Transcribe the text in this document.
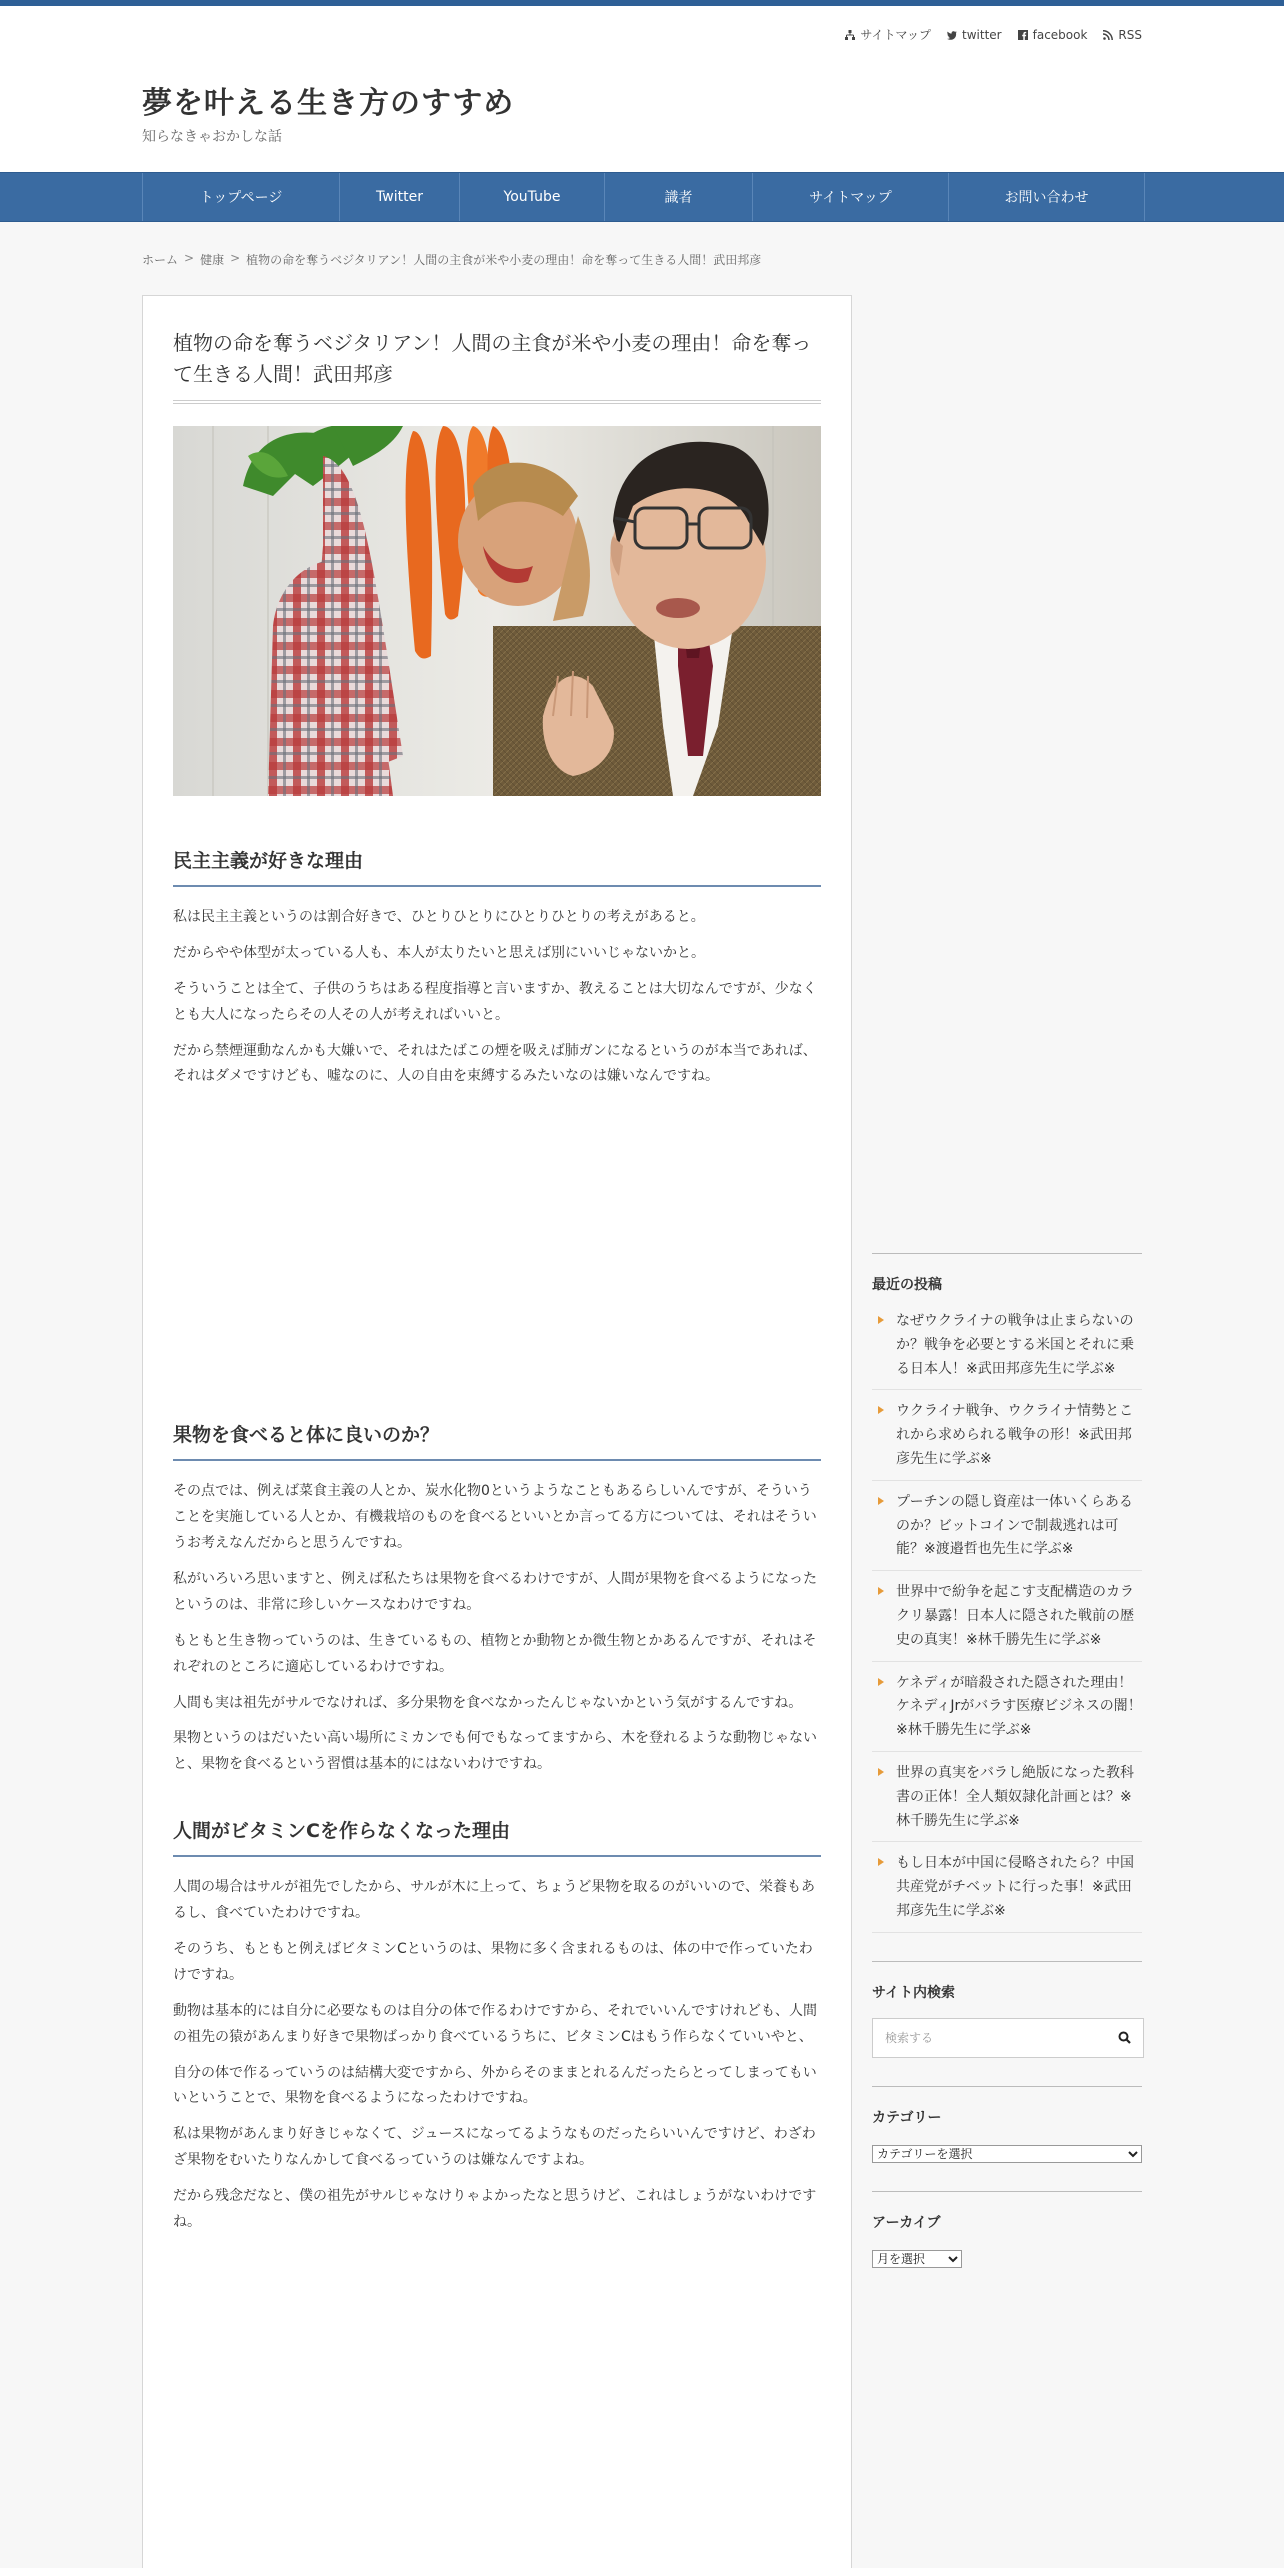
サイトマップ	twitter	facebook	RSS
夢を叶える生き方のすすめ
知らなきゃおかしな話
トップページ	Twitter	YouTube	識者	サイトマップ	お問い合わせ
ホーム > 健康 > 植物の命を奪うベジタリアン！人間の主食が米や小麦の理由！命を奪って生きる人間！武田邦彦
植物の命を奪うベジタリアン！人間の主食が米や小麦の理由！命を奪って生きる人間！武田邦彦
民主主義が好きな理由

私は民主主義というのは割合好きで、ひとりひとりにひとりひとりの考えがあると。

だからやや体型が太っている人も、本人が太りたいと思えば別にいいじゃないかと。

そういうことは全て、子供のうちはある程度指導と言いますか、教えることは大切なんですが、少なくとも大人になったらその人その人が考えればいいと。

だから禁煙運動なんかも大嫌いで、それはたばこの煙を吸えば肺ガンになるというのが本当であれば、それはダメですけども、嘘なのに、人の自由を束縛するみたいなのは嫌いなんですね。

果物を食べると体に良いのか？

その点では、例えば菜食主義の人とか、炭水化物0というようなこともあるらしいんですが、そういうことを実施している人とか、有機栽培のものを食べるといいとか言ってる方については、それはそういうお考えなんだからと思うんですね。

私がいろいろ思いますと、例えば私たちは果物を食べるわけですが、人間が果物を食べるようになったというのは、非常に珍しいケースなわけですね。

もともと生き物っていうのは、生きているもの、植物とか動物とか微生物とかあるんですが、それはそれぞれのところに適応しているわけですね。

人間も実は祖先がサルでなければ、多分果物を食べなかったんじゃないかという気がするんですね。

果物というのはだいたい高い場所にミカンでも何でもなってますから、木を登れるような動物じゃないと、果物を食べるという習慣は基本的にはないわけですね。

人間がビタミンCを作らなくなった理由

人間の場合はサルが祖先でしたから、サルが木に上って、ちょうど果物を取るのがいいので、栄養もあるし、食べていたわけですね。

そのうち、もともと例えばビタミンCというのは、果物に多く含まれるものは、体の中で作っていたわけですね。

動物は基本的には自分に必要なものは自分の体で作るわけですから、それでいいんですけれども、人間の祖先の猿があんまり好きで果物ばっかり食べているうちに、ビタミンCはもう作らなくていいやと、

自分の体で作るっていうのは結構大変ですから、外からそのままとれるんだったらとってしまってもいいということで、果物を食べるようになったわけですね。

私は果物があんまり好きじゃなくて、ジュースになってるようなものだったらいいんですけど、わざわざ果物をむいたりなんかして食べるっていうのは嫌なんですよね。

だから残念だなと、僕の祖先がサルじゃなけりゃよかったなと思うけど、これはしょうがないわけですね。

最近の投稿
なぜウクライナの戦争は止まらないのか？戦争を必要とする米国とそれに乗る日本人！※武田邦彦先生に学ぶ※
ウクライナ戦争、ウクライナ情勢とこれから求められる戦争の形！※武田邦彦先生に学ぶ※
プーチンの隠し資産は一体いくらあるのか？ビットコインで制裁逃れは可能？※渡邉哲也先生に学ぶ※
世界中で紛争を起こす支配構造のカラクリ暴露！日本人に隠された戦前の歴史の真実！※林千勝先生に学ぶ※
ケネディが暗殺された隠された理由！ケネディJrがバラす医療ビジネスの闇！※林千勝先生に学ぶ※
世界の真実をバラし絶版になった教科書の正体！全人類奴隷化計画とは？※林千勝先生に学ぶ※
もし日本が中国に侵略されたら？中国共産党がチベットに行った事！※武田邦彦先生に学ぶ※
サイト内検索
検索する
カテゴリー
カテゴリーを選択
アーカイブ
月を選択
